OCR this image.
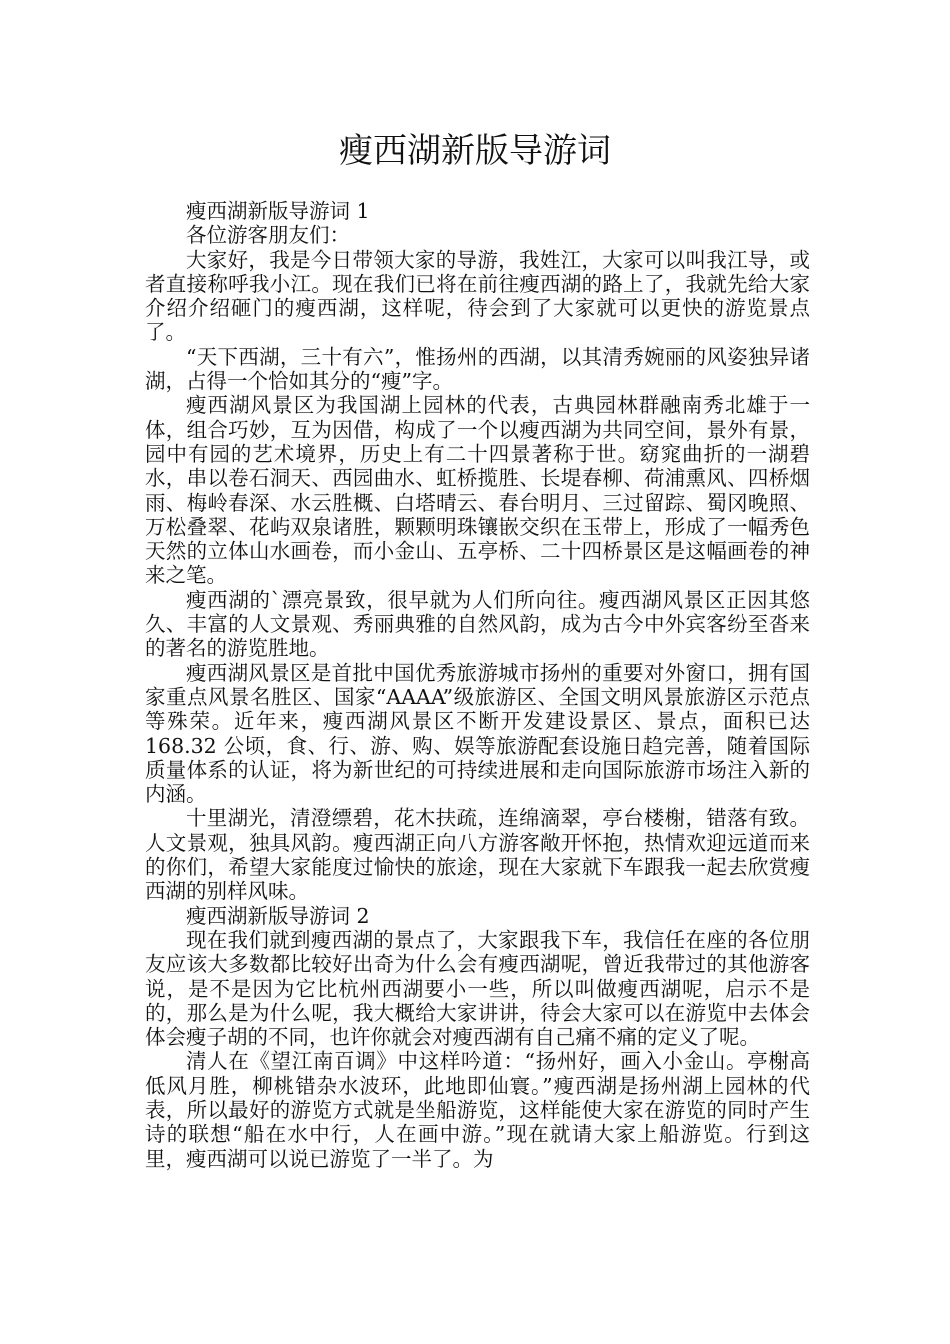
瘦西湖新版导游词

瘦西湖新版导游词 1

各位游客朋友们：

大家好，我是今日带领大家的导游，我姓江，大家可以叫我江导，或者直接称呼我小江。现在我们已将在前往瘦西湖的路上了，我就先给大家介绍介绍砸门的瘦西湖，这样呢，待会到了大家就可以更快的游览景点了。

“天下西湖，三十有六”，惟扬州的西湖，以其清秀婉丽的风姿独异诸湖，占得一个恰如其分的“瘦”字。

瘦西湖风景区为我国湖上园林的代表，古典园林群融南秀北雄于一体，组合巧妙，互为因借，构成了一个以瘦西湖为共同空间，景外有景，园中有园的艺术境界，历史上有二十四景著称于世。窈窕曲折的一湖碧水，串以卷石洞天、西园曲水、虹桥揽胜、长堤春柳、荷浦熏风、四桥烟雨、梅岭春深、水云胜概、白塔晴云、春台明月、三过留踪、蜀冈晚照、万松叠翠、花屿双泉诸胜，颗颗明珠镶嵌交织在玉带上，形成了一幅秀色天然的立体山水画卷，而小金山、五亭桥、二十四桥景区是这幅画卷的神来之笔。

瘦西湖的`漂亮景致，很早就为人们所向往。瘦西湖风景区正因其悠久、丰富的人文景观、秀丽典雅的自然风韵，成为古今中外宾客纷至沓来的著名的游览胜地。

瘦西湖风景区是首批中国优秀旅游城市扬州的重要对外窗口，拥有国家重点风景名胜区、国家“AAAA”级旅游区、全国文明风景旅游区示范点等殊荣。近年来，瘦西湖风景区不断开发建设景区、景点，面积已达 168.32 公顷，食、行、游、购、娱等旅游配套设施日趋完善，随着国际质量体系的认证，将为新世纪的可持续进展和走向国际旅游市场注入新的内涵。

十里湖光，清澄缥碧，花木扶疏，连绵滴翠，亭台楼榭，错落有致。人文景观，独具风韵。瘦西湖正向八方游客敞开怀抱，热情欢迎远道而来的你们，希望大家能度过愉快的旅途，现在大家就下车跟我一起去欣赏瘦西湖的别样风味。

瘦西湖新版导游词 2

现在我们就到瘦西湖的景点了，大家跟我下车，我信任在座的各位朋友应该大多数都比较好出奇为什么会有瘦西湖呢，曾近我带过的其他游客说，是不是因为它比杭州西湖要小一些，所以叫做瘦西湖呢，启示不是的，那么是为什么呢，我大概给大家讲讲，待会大家可以在游览中去体会体会瘦子胡的不同，也许你就会对瘦西湖有自己痛不痛的定义了呢。

清人在《望江南百调》中这样吟道：“扬州好，画入小金山。亭榭高低风月胜，柳桃错杂水波环，此地即仙寰。”瘦西湖是扬州湖上园林的代表，所以最好的游览方式就是坐船游览，这样能使大家在游览的同时产生诗的联想“船在水中行，人在画中游。”现在就请大家上船游览。行到这里，瘦西湖可以说已游览了一半了。为
